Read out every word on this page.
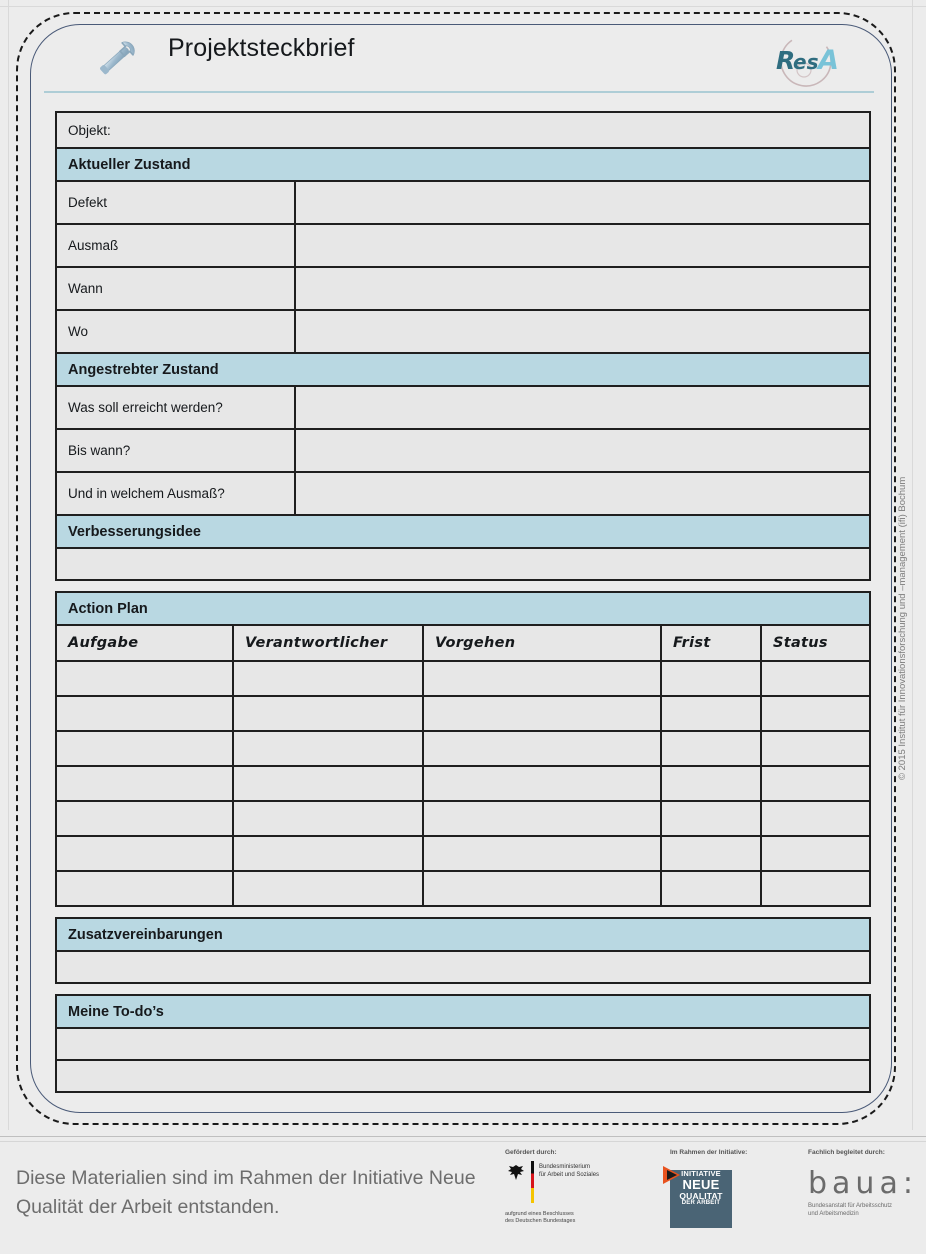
Projektsteckbrief	R
es A
Objekt:
Aktueller Zustand
Defekt
Ausmaß
Wann
Wo
Angestrebter Zustand
Was soll erreicht werden?
Bis wann?
Und in welchem Ausmaß?
Verbesserungsidee
Action Plan
Aufgabe	Verantwortlicher	Vorgehen	Frist	Status
Zusatzvereinbarungen
Meine To-do’s
© 2015 Institut für Innovationsforschung und –management (ifi) Bochum
Diese Materialien sind im Rahmen der Initiative Neue Qualität der Arbeit entstanden.
Gefördert durch:
Bundesministerium
für Arbeit und Soziales
aufgrund eines Beschlusses
des Deutschen Bundestages
Im Rahmen der Initiative:
INITIATIVE
NEUE
QUALITAT
DER ARBEIT
Fachlich begleitet durch:
baua:
Bundesanstalt für Arbeitsschutz
und Arbeitsmedizin
